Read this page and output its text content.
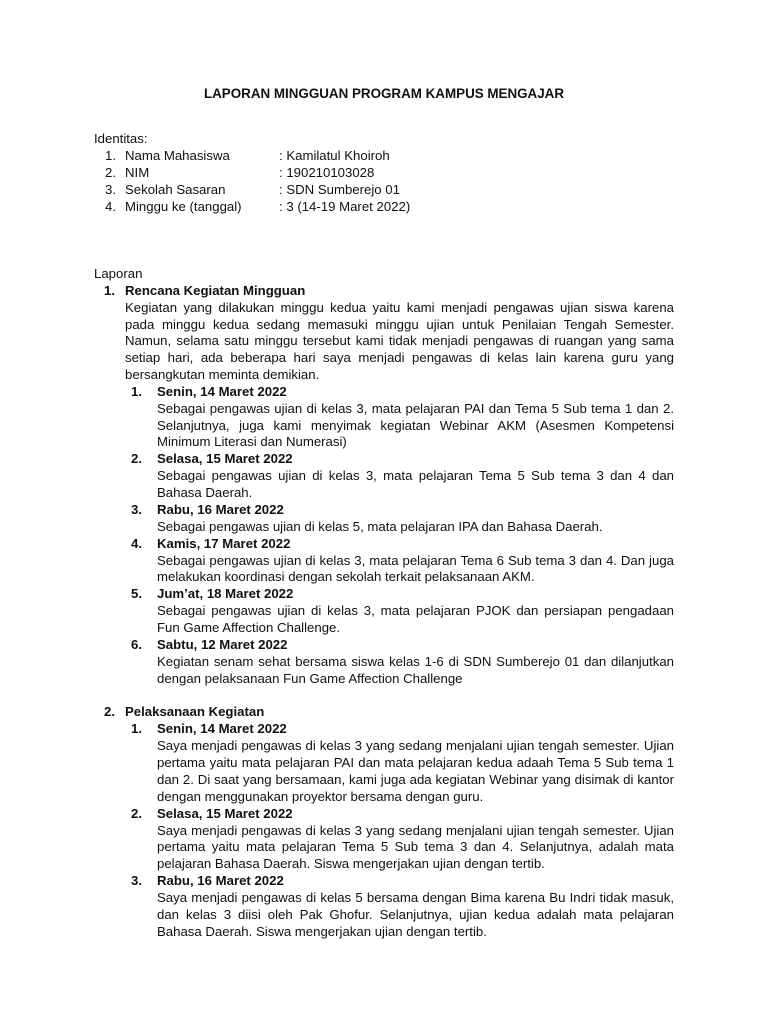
LAPORAN MINGGUAN PROGRAM KAMPUS MENGAJAR
Identitas:
1. Nama Mahasiswa	: Kamilatul Khoiroh
2. NIM	: 190210103028
3. Sekolah Sasaran	: SDN Sumberejo 01
4. Minggu ke (tanggal)	: 3 (14-19 Maret 2022)
Laporan
1. Rencana Kegiatan Mingguan
Kegiatan yang dilakukan minggu kedua yaitu kami menjadi pengawas ujian siswa karena pada minggu kedua sedang memasuki minggu ujian untuk Penilaian Tengah Semester. Namun, selama satu minggu tersebut kami tidak menjadi pengawas di ruangan yang sama setiap hari, ada beberapa hari saya menjadi pengawas di kelas lain karena guru yang bersangkutan meminta demikian.
1. Senin, 14 Maret 2022
Sebagai pengawas ujian di kelas 3, mata pelajaran PAI dan Tema 5 Sub tema 1 dan 2. Selanjutnya, juga kami menyimak kegiatan Webinar AKM (Asesmen Kompetensi Minimum Literasi dan Numerasi)
2. Selasa, 15 Maret 2022
Sebagai pengawas ujian di kelas 3, mata pelajaran Tema 5 Sub tema 3 dan 4 dan Bahasa Daerah.
3. Rabu, 16 Maret 2022
Sebagai pengawas ujian di kelas 5, mata pelajaran IPA dan Bahasa Daerah.
4. Kamis, 17 Maret 2022
Sebagai pengawas ujian di kelas 3, mata pelajaran Tema 6 Sub tema 3 dan 4. Dan juga melakukan koordinasi dengan sekolah terkait pelaksanaan AKM.
5. Jum’at, 18 Maret 2022
Sebagai pengawas ujian di kelas 3, mata pelajaran PJOK dan persiapan pengadaan Fun Game Affection Challenge.
6. Sabtu, 12 Maret 2022
Kegiatan senam sehat bersama siswa kelas 1-6 di SDN Sumberejo 01 dan dilanjutkan dengan pelaksanaan Fun Game Affection Challenge
2. Pelaksanaan Kegiatan
1. Senin, 14 Maret 2022
Saya menjadi pengawas di kelas 3 yang sedang menjalani ujian tengah semester. Ujian pertama yaitu mata pelajaran PAI dan mata pelajaran kedua adaah Tema 5 Sub tema 1 dan 2. Di saat yang bersamaan, kami juga ada kegiatan Webinar yang disimak di kantor dengan menggunakan proyektor bersama dengan guru.
2. Selasa, 15 Maret 2022
Saya menjadi pengawas di kelas 3 yang sedang menjalani ujian tengah semester. Ujian pertama yaitu mata pelajaran Tema 5 Sub tema 3 dan 4. Selanjutnya, adalah mata pelajaran Bahasa Daerah. Siswa mengerjakan ujian dengan tertib.
3. Rabu, 16 Maret 2022
Saya menjadi pengawas di kelas 5 bersama dengan Bima karena Bu Indri tidak masuk, dan kelas 3 diisi oleh Pak Ghofur. Selanjutnya, ujian kedua adalah mata pelajaran Bahasa Daerah. Siswa mengerjakan ujian dengan tertib.
